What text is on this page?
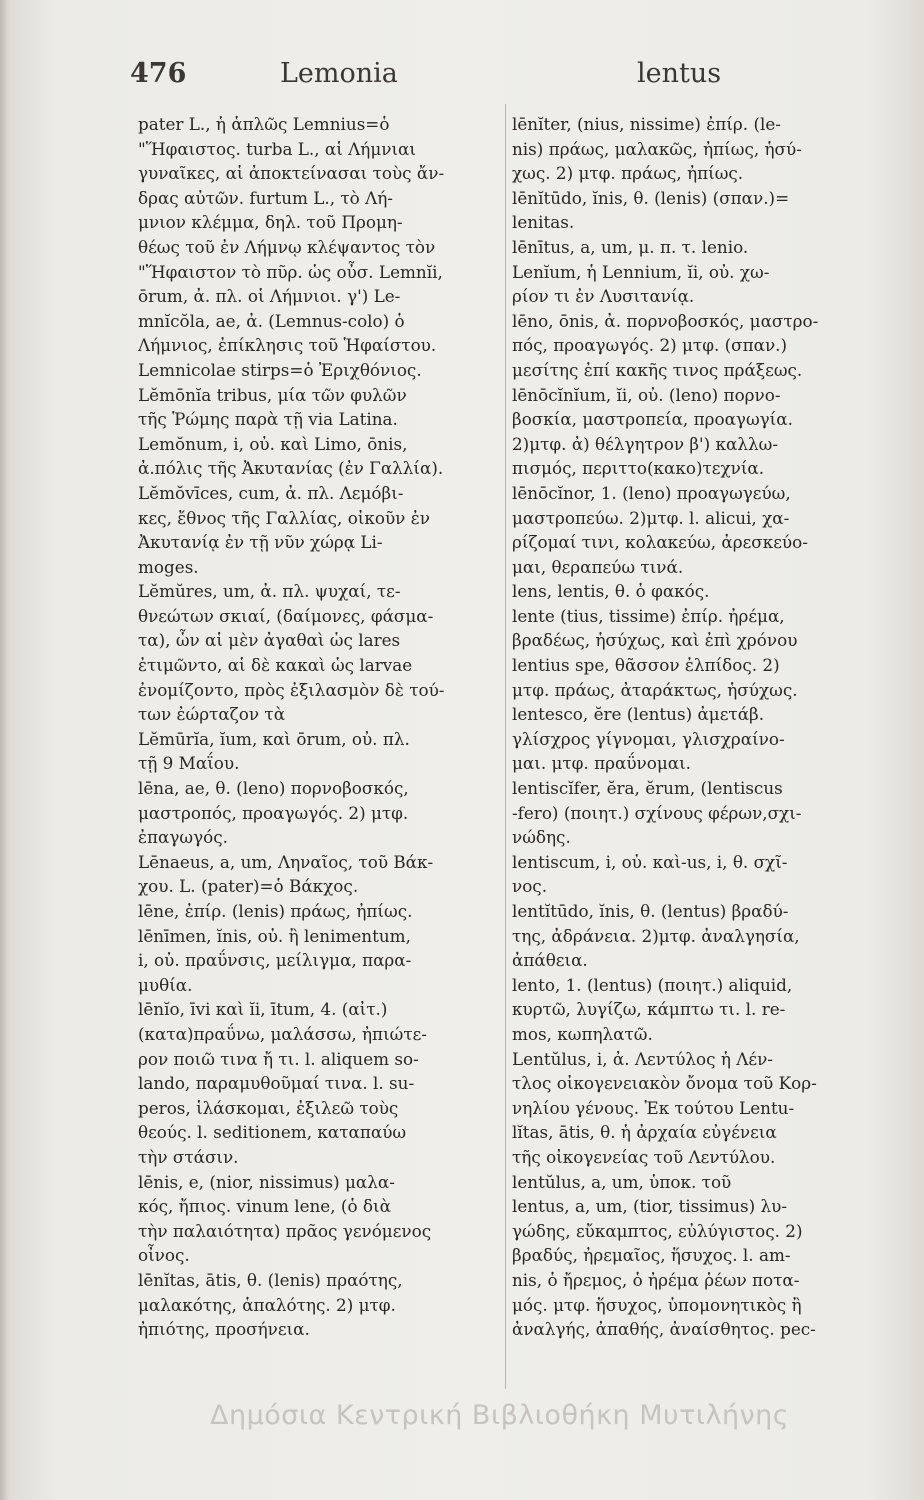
476	Lemonia	lentus
pater L., ἡ ἁπλῶς Lemnius=ὁ
"Ἥφαιστος. turba L., αἱ Λήμνιαι
γυναῖκες, αἱ ἀποκτείνασαι τοὺς ἄν-
δρας αὐτῶν. furtum L., τὸ Λή-
μνιον κλέμμα, δηλ. τοῦ Προμη-
θέως τοῦ ἐν Λήμνῳ κλέψαντος τὸν
"Ἥφαιστον τὸ πῦρ. ὡς οὖσ. Lemnĭi,
ōrum, ἀ. πλ. οἱ Λήμνιοι. γ') Le-
mnĭcŏla, ae, ἀ. (Lemnus-colo) ὁ
Λήμνιος, ἐπίκλησις τοῦ Ἡφαίστου.
Lemnicolae stirps=ὁ Ἐριχθόνιος.
Lĕmōnĭa tribus, μία τῶν φυλῶν
τῆς Ῥώμης παρὰ τῇ via Latina.
Lemŏnum, i, οὐ. καὶ Limo, ōnis,
ἀ.πόλις τῆς Ἀκυτανίας (ἐν Γαλλία).
Lĕmŏvīces, cum, ἀ. πλ. Λεμόβι-
κες, ἔθνος τῆς Γαλλίας, οἰκοῦν ἐν
Ἀκυτανίᾳ ἐν τῇ νῦν χώρᾳ Li-
moges.
Lĕmŭres, um, ἀ. πλ. ψυχαί, τε-
θνεώτων σκιαί, (δαίμονες, φάσμα-
τα), ὧν αἱ μὲν ἀγαθαὶ ὡς lares
ἐτιμῶντο, αἱ δὲ κακαὶ ὡς larvae
ἐνομίζοντο, πρὸς ἐξιλασμὸν δὲ τού-
των ἐώρταζον τὰ
Lĕmūrĭa, ĭum, καὶ ōrum, οὐ. πλ.
τῇ 9 Μαΐου.
lēna, ae, θ. (leno) πορνοβοσκός,
μαστροπός, προαγωγός. 2) μτφ.
ἐπαγωγός.
Lēnaeus, a, um, Ληναῖος, τοῦ Βάκ-
χου. L. (pater)=ὁ Βάκχος.
lēne, ἐπίρ. (lenis) πράως, ἠπίως.
lēnīmen, ĭnis, οὐ. ἢ lenimentum,
i, οὐ. πραΰνσις, μείλιγμα, παρα-
μυθία.
lēnĭo, īvi καὶ ĭi, ītum, 4. (αἰτ.)
(κατα)πραΰνω, μαλάσσω, ἠπιώτε-
ρον ποιῶ τινα ἤ τι. l. aliquem so-
lando, παραμυθοῦμαί τινα. l. su-
peros, ἱλάσκομαι, ἐξιλεῶ τοὺς
θεούς. l. seditionem, καταπαύω
τὴν στάσιν.
lēnis, e, (nior, nissimus) μαλα-
κός, ἤπιος. vinum lene, (ὁ διὰ
τὴν παλαιότητα) πρᾶος γενόμενος
οἶνος.
lēnĭtas, ātis, θ. (lenis) πραότης,
μαλακότης, ἁπαλότης. 2) μτφ.
ἠπιότης, προσήνεια.
lēnĭter, (nius, nissime) ἐπίρ. (le-
nis) πράως, μαλακῶς, ἠπίως, ἡσύ-
χως. 2) μτφ. πράως, ἠπίως.
lēnĭtūdo, ĭnis, θ. (lenis) (σπαν.)=
lenitas.
lēnītus, a, um, μ. π. τ. lenio.
Lenĭum, ἡ Lennium, ĭi, οὐ. χω-
ρίον τι ἐν Λυσιτανίᾳ.
lēno, ōnis, ἀ. πορνοβοσκός, μαστρο-
πός, προαγωγός. 2) μτφ. (σπαν.)
μεσίτης ἐπί κακῆς τινος πράξεως.
lēnōcĭnĭum, ĭi, οὐ. (leno) πορνο-
βοσκία, μαστροπεία, προαγωγία.
2)μτφ. ἀ) θέλγητρον β') καλλω-
πισμός, περιττο(κακο)τεχνία.
lēnōcĭnor, 1. (leno) προαγωγεύω,
μαστροπεύω. 2)μτφ. l. alicui, χα-
ρίζομαί τινι, κολακεύω, ἀρεσκεύο-
μαι, θεραπεύω τινά.
lens, lentis, θ. ὁ φακός.
lente (tius, tissime) ἐπίρ. ἠρέμα,
βραδέως, ἡσύχως, καὶ ἐπὶ χρόνου
lentius spe, θᾶσσον ἐλπίδος. 2)
μτφ. πράως, ἀταράκτως, ἡσύχως.
lentesco, ĕre (lentus) ἀμετάβ.
γλίσχρος γίγνομαι, γλισχραίνο-
μαι. μτφ. πραΰνομαι.
lentiscĭfer, ĕra, ĕrum, (lentiscus
-fero) (ποιητ.) σχίνους φέρων,σχι-
νώδης.
lentiscum, i, οὐ. καὶ-us, i, θ. σχῖ-
νος.
lentĭtūdo, ĭnis, θ. (lentus) βραδύ-
της, ἀδράνεια. 2)μτφ. ἀναλγησία,
ἀπάθεια.
lento, 1. (lentus) (ποιητ.) aliquid,
κυρτῶ, λυγίζω, κάμπτω τι. l. re-
mos, κωπηλατῶ.
Lentŭlus, i, ἀ. Λεντύλος ἡ Λέν-
τλος οἰκογενειακὸν ὄνομα τοῦ Κορ-
νηλίου γένους. Ἐκ τούτου Lentu-
lĭtas, ātis, θ. ἡ ἀρχαία εὐγένεια
τῆς οἰκογενείας τοῦ Λεντύλου.
lentŭlus, a, um, ὑποκ. τοῦ
lentus, a, um, (tior, tissimus) λυ-
γώδης, εὔκαμπτος, εὐλύγιστος. 2)
βραδύς, ἠρεμαῖος, ἥσυχος. l. am-
nis, ὁ ἤρεμος, ὁ ἠρέμα ῥέων ποτα-
μός. μτφ. ἥσυχος, ὑπομονητικὸς ἢ
ἀναλγής, ἀπαθής, ἀναίσθητος. pec-
Δημόσια Κεντρική Βιβλιοθήκη Μυτιλήνης
